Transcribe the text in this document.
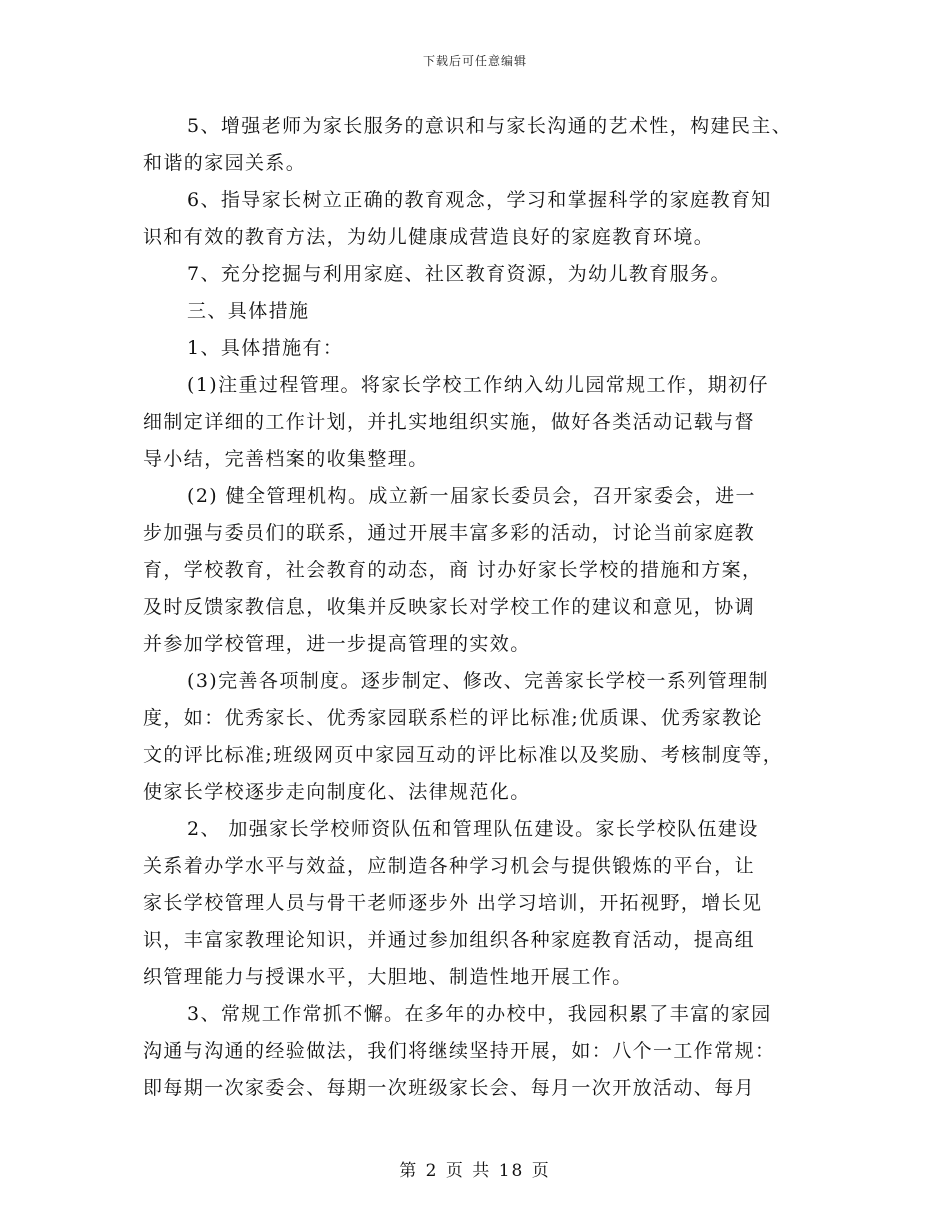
下载后可任意编辑
5、增强老师为家长服务的意识和与家长沟通的艺术性，构建民主、
和谐的家园关系。
6、指导家长树立正确的教育观念，学习和掌握科学的家庭教育知
识和有效的教育方法，为幼儿健康成营造良好的家庭教育环境。
7、充分挖掘与利用家庭、社区教育资源，为幼儿教育服务。
三、具体措施
1、具体措施有：
(1)注重过程管理。将家长学校工作纳入幼儿园常规工作，期初仔
细制定详细的工作计划，并扎实地组织实施，做好各类活动记载与督
导小结，完善档案的收集整理。
(2) 健全管理机构。成立新一届家长委员会，召开家委会，进一
步加强与委员们的联系，通过开展丰富多彩的活动，讨论当前家庭教
育，学校教育，社会教育的动态，商 讨办好家长学校的措施和方案，
及时反馈家教信息，收集并反映家长对学校工作的建议和意见，协调
并参加学校管理，进一步提高管理的实效。
(3)完善各项制度。逐步制定、修改、完善家长学校一系列管理制
度，如：优秀家长、优秀家园联系栏的评比标准;优质课、优秀家教论
文的评比标准;班级网页中家园互动的评比标准以及奖励、考核制度等，
使家长学校逐步走向制度化、法律规范化。
2、 加强家长学校师资队伍和管理队伍建设。家长学校队伍建设
关系着办学水平与效益，应制造各种学习机会与提供锻炼的平台，让
家长学校管理人员与骨干老师逐步外 出学习培训，开拓视野，增长见
识，丰富家教理论知识，并通过参加组织各种家庭教育活动，提高组
织管理能力与授课水平，大胆地、制造性地开展工作。
3、常规工作常抓不懈。在多年的办校中，我园积累了丰富的家园
沟通与沟通的经验做法，我们将继续坚持开展，如：八个一工作常规：
即每期一次家委会、每期一次班级家长会、每月一次开放活动、每月
第 2 页 共 18 页
